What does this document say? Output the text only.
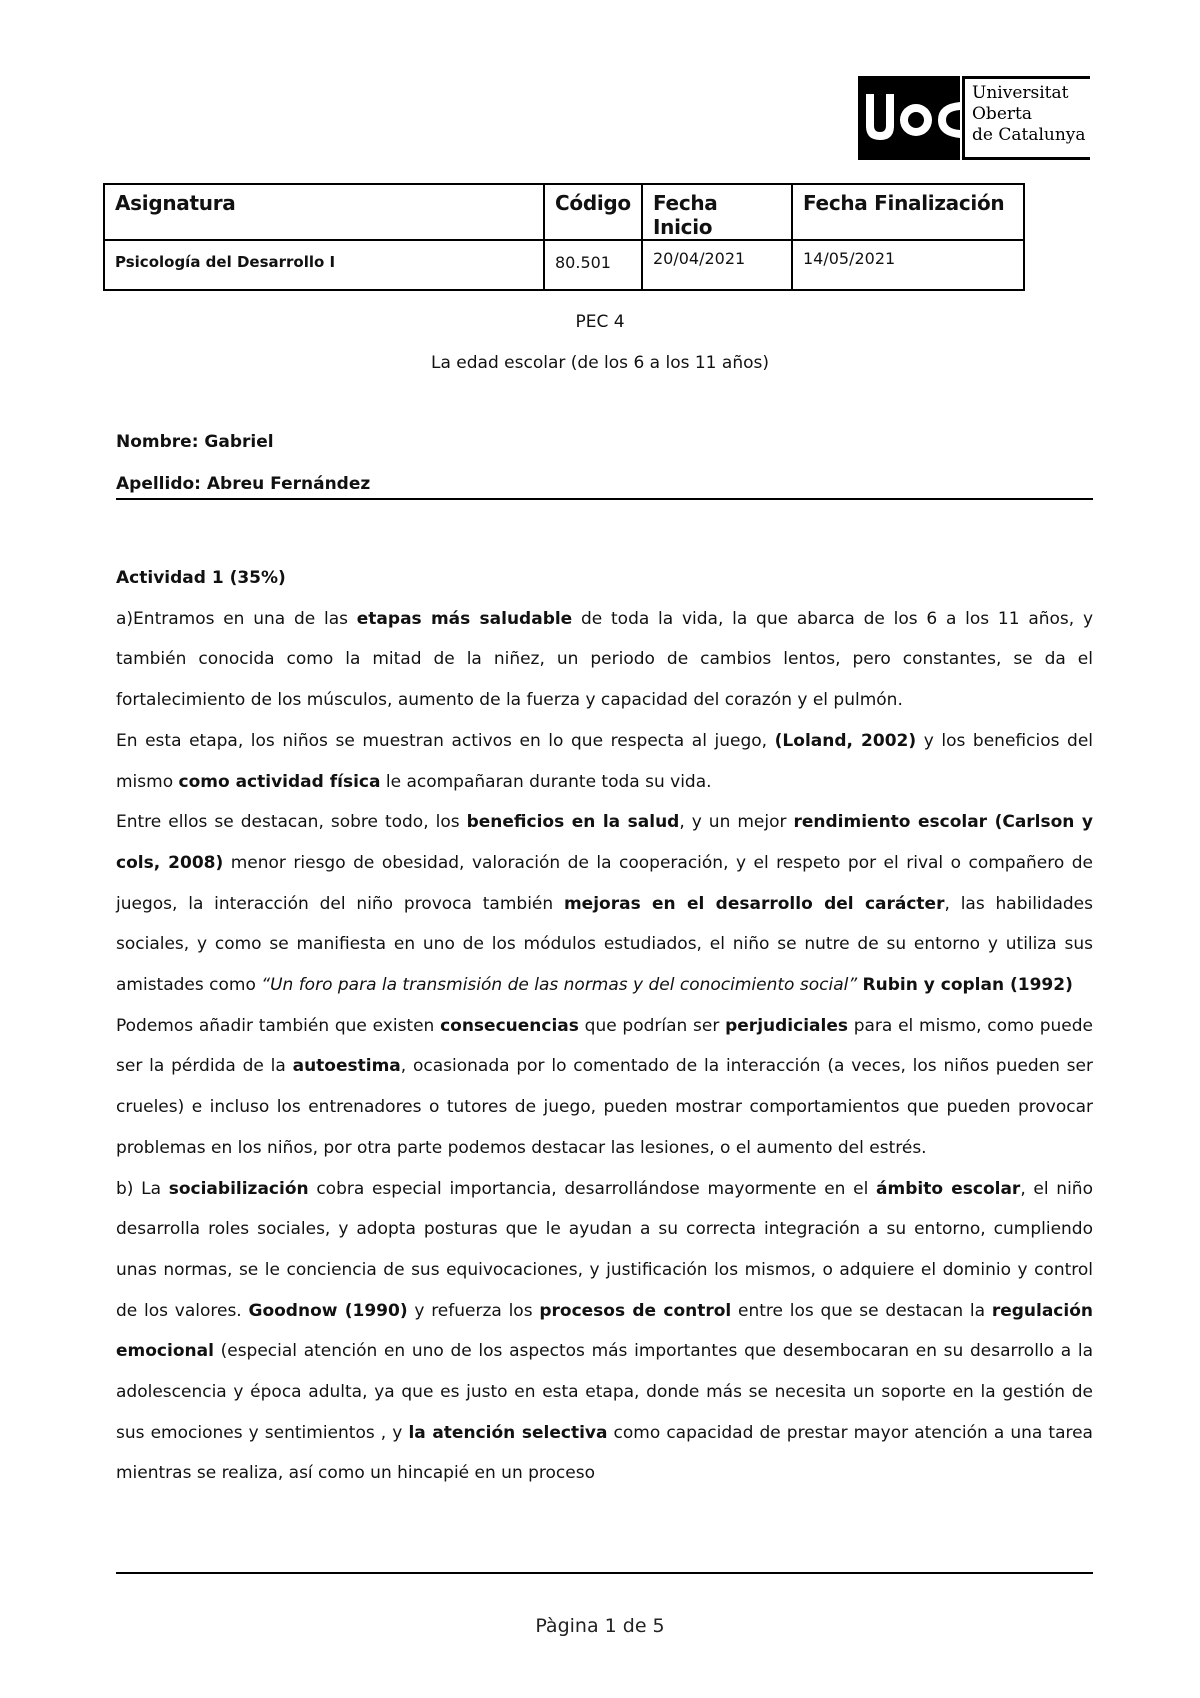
Universitat
Oberta
de Catalunya
Asignatura	Código	Fecha Inicio	Fecha Finalización
Psicología del Desarrollo I	80.501	20/04/2021	14/05/2021
PEC 4
La edad escolar (de los 6 a los 11 años)
Nombre: Gabriel
Apellido: Abreu Fernández

Actividad 1 (35%)

a)Entramos en una de las etapas más saludable de toda la vida, la que abarca de los 6 a los 11 años, y también conocida como la mitad de la niñez, un periodo de cambios lentos, pero constantes, se da el fortalecimiento de los músculos, aumento de la fuerza y capacidad del corazón y el pulmón.

En esta etapa, los niños se muestran activos en lo que respecta al juego, (Loland, 2002) y los beneficios del mismo como actividad física le acompañaran durante toda su vida.

Entre ellos se destacan, sobre todo, los beneficios en la salud, y un mejor rendimiento escolar (Carlson y cols, 2008) menor riesgo de obesidad, valoración de la cooperación, y el respeto por el rival o compañero de juegos, la interacción del niño provoca también mejoras en el desarrollo del carácter, las habilidades sociales, y como se manifiesta en uno de los módulos estudiados, el niño se nutre de su entorno y utiliza sus amistades como “Un foro para la transmisión de las normas y del conocimiento social” Rubin y coplan (1992)

Podemos añadir también que existen consecuencias que podrían ser perjudiciales para el mismo, como puede ser la pérdida de la autoestima, ocasionada por lo comentado de la interacción (a veces, los niños pueden ser crueles) e incluso los entrenadores o tutores de juego, pueden mostrar comportamientos que pueden provocar problemas en los niños, por otra parte podemos destacar las lesiones, o el aumento del estrés.

b) La sociabilización cobra especial importancia, desarrollándose mayormente en el ámbito escolar, el niño desarrolla roles sociales, y adopta posturas que le ayudan a su correcta integración a su entorno, cumpliendo unas normas, se le conciencia de sus equivocaciones, y justificación los mismos, o adquiere el dominio y control de los valores. Goodnow (1990) y refuerza los procesos de control entre los que se destacan la regulación emocional (especial atención en uno de los aspectos más importantes que desembocaran en su desarrollo a la adolescencia y época adulta, ya que es justo en esta etapa, donde más se necesita un soporte en la gestión de sus emociones y sentimientos , y la atención selectiva como capacidad de prestar mayor atención a una tarea mientras se realiza, así como un hincapié en un proceso

Pàgina 1 de 5
